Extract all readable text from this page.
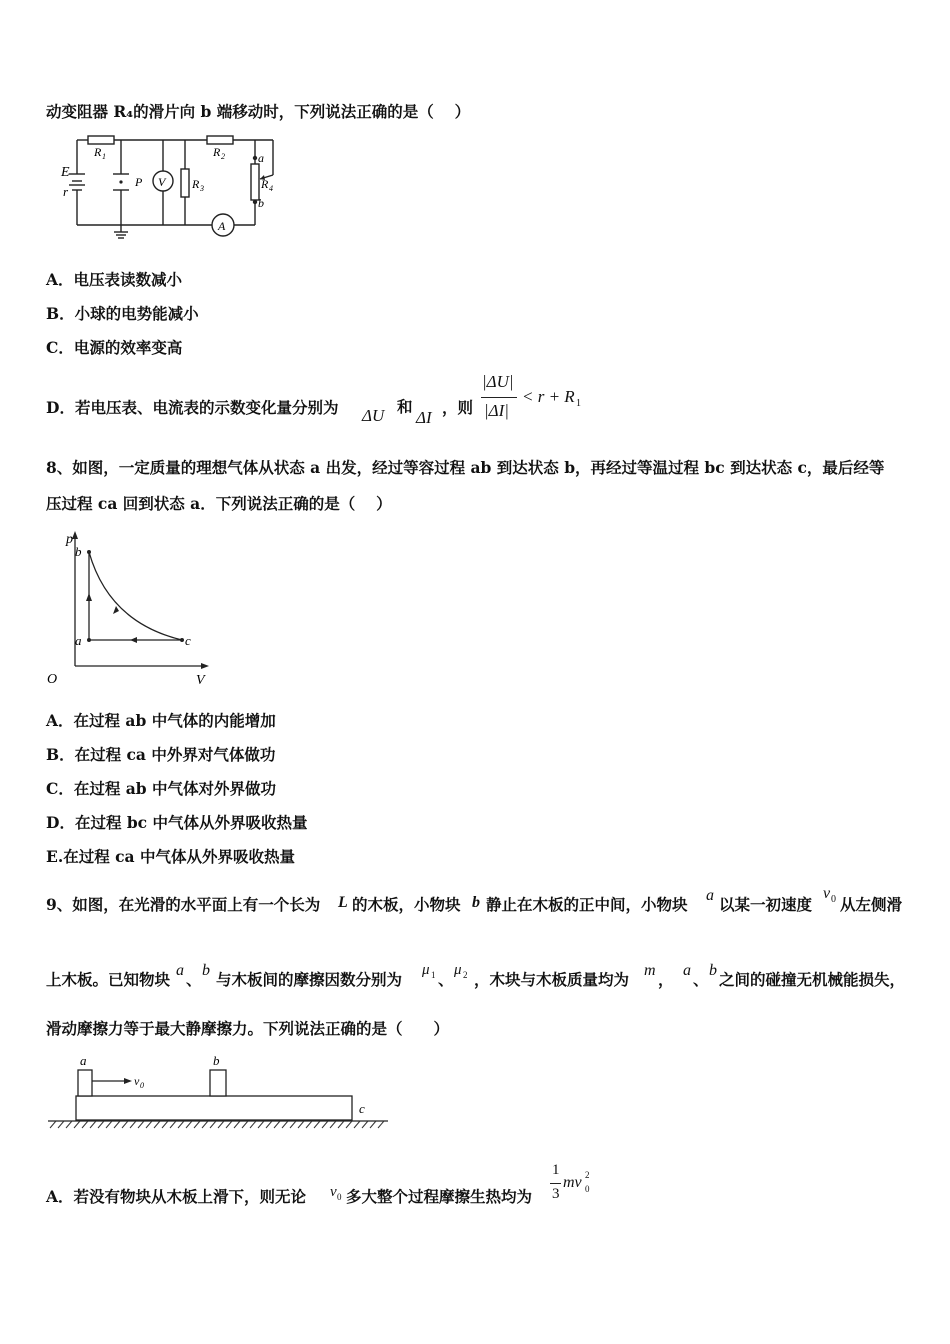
动变阻器 R₄的滑片向 b 端移动时，下列说法正确的是（　 ）
E
r
R 1
P V R 3
R 2	a
R 4
b
A
A．电压表读数减小
B．小球的电势能减小
C．电源的效率变高
D．若电压表、电流表的示数变化量分别为 ΔU 和
ΔI
，则
|ΔU|
|ΔI|
< r + R 1
8、如图，一定质量的理想气体从状态 a 出发，经过等容过程 ab 到达状态 b，再经过等温过程 bc 到达状态 c，最后经等
压过程 ca 回到状态 a．下列说法正确的是（　 ）
p
b
a	c
O	V
A．在过程 ab 中气体的内能增加
B．在过程 ca 中外界对气体做功
C．在过程 ab 中气体对外界做功
D．在过程 bc 中气体从外界吸收热量
E.在过程 ca 中气体从外界吸收热量
9、如图，在光滑的水平面上有一个长为 L 的木板，小物块 b 静止在木板的正中间，小物块 a 以某一初速度
v 0 从左侧滑
上木板。已知物块 a 、 b 与木板间的摩擦因数分别为 μ 1 、 μ 2 ，木块与木板质量均为 m ， a 、 b 之间的碰撞无机械能损失，
滑动摩擦力等于最大静摩擦力。下列说法正确的是（　　）
a	b
v 0
c
A．若没有物块从木板上滑下，则无论 v 0 多大整个过程摩擦生热均为
1
3
mv 2
0
